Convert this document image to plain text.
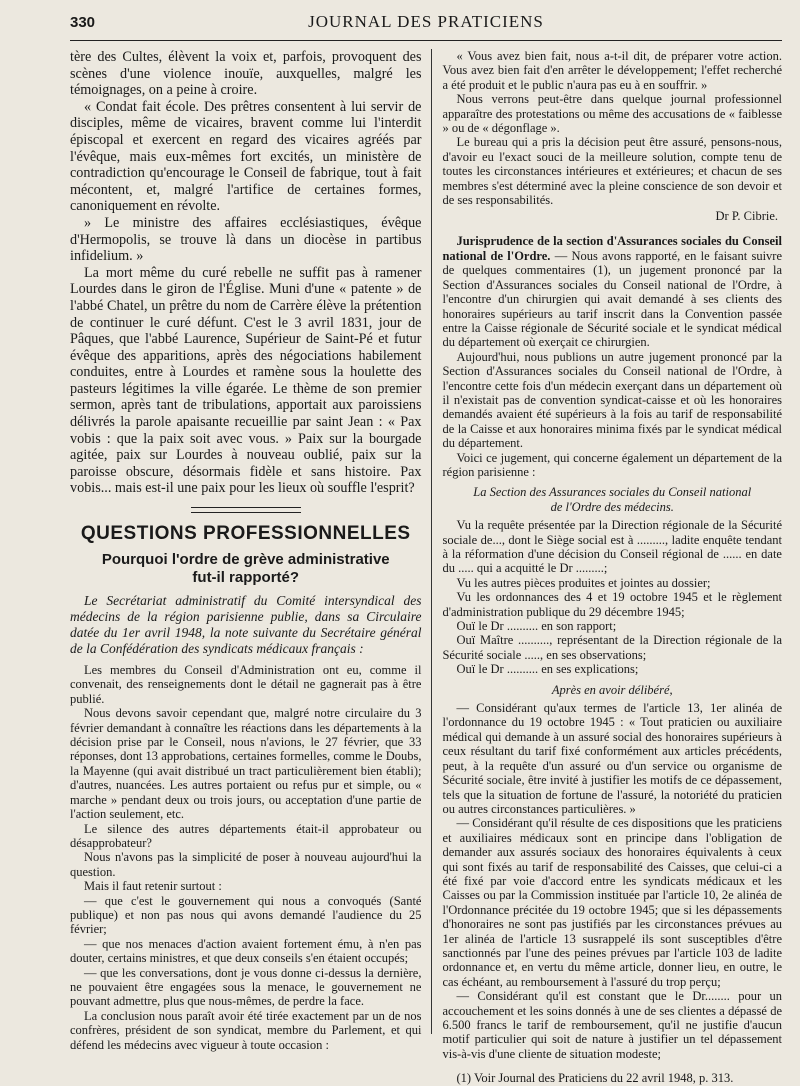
330	JOURNAL DES PRATICIENS

tère des Cultes, élèvent la voix et, parfois, provoquent des scènes d'une violence inouïe, auxquelles, malgré les témoignages, on a peine à croire.

« Condat fait école. Des prêtres consentent à lui servir de disciples, même de vicaires, bravent comme lui l'interdit épiscopal et exercent en regard des vicaires agréés par l'évêque, mais eux-mêmes fort excités, un ministère de contradiction qu'encourage le Conseil de fabrique, tout à fait mécontent, et, malgré l'artifice de certaines formes, canoniquement en révolte.

» Le ministre des affaires ecclésiastiques, évêque d'Hermopolis, se trouve là dans un diocèse in partibus infidelium. »

La mort même du curé rebelle ne suffit pas à ramener Lourdes dans le giron de l'Église. Muni d'une « patente » de l'abbé Chatel, un prêtre du nom de Carrère élève la prétention de continuer le curé défunt. C'est le 3 avril 1831, jour de Pâques, que l'abbé Laurence, Supérieur de Saint-Pé et futur évêque des apparitions, après des négociations habilement conduites, entre à Lourdes et ramène sous la houlette des pasteurs légitimes la ville égarée. Le thème de son premier sermon, après tant de tribulations, apportait aux paroissiens délivrés la parole apaisante recueillie par saint Jean : « Pax vobis : que la paix soit avec vous. » Paix sur la bourgade agitée, paix sur Lourdes à nouveau oublié, paix sur la paroisse obscure, désormais fidèle et sans histoire. Pax vobis... mais est-il une paix pour les lieux où souffle l'esprit?

QUESTIONS PROFESSIONNELLES
Pourquoi l'ordre de grève administrative
fut-il rapporté?

Le Secrétariat administratif du Comité intersyndical des médecins de la région parisienne publie, dans sa Circulaire datée du 1er avril 1948, la note suivante du Secrétaire général de la Confédération des syndicats médicaux français :

Les membres du Conseil d'Administration ont eu, comme il convenait, des renseignements dont le détail ne gagnerait pas à être publié.

Nous devons savoir cependant que, malgré notre circulaire du 3 février demandant à connaître les réactions dans les départements à la décision prise par le Conseil, nous n'avions, le 27 février, que 33 réponses, dont 13 approbations, certaines formelles, comme le Doubs, la Mayenne (qui avait distribué un tract particulièrement bien établi); d'autres, nuancées. Les autres portaient ou refus pur et simple, ou « marche » pendant deux ou trois jours, ou acceptation d'une partie de l'action seulement, etc.

Le silence des autres départements était-il approbateur ou désapprobateur?

Nous n'avons pas la simplicité de poser à nouveau aujourd'hui la question.

Mais il faut retenir surtout :

— que c'est le gouvernement qui nous a convoqués (Santé publique) et non pas nous qui avons demandé l'audience du 25 février;

— que nos menaces d'action avaient fortement ému, à n'en pas douter, certains ministres, et que deux conseils s'en étaient occupés;

— que les conversations, dont je vous donne ci-dessus la dernière, ne pouvaient être engagées sous la menace, le gouvernement ne pouvant admettre, plus que nous-mêmes, de perdre la face.

La conclusion nous paraît avoir été tirée exactement par un de nos confrères, président de son syndicat, membre du Parlement, et qui défend les médecins avec vigueur à toute occasion :

« Vous avez bien fait, nous a-t-il dit, de préparer votre action. Vous avez bien fait d'en arrêter le développement; l'effet recherché a été produit et le public n'aura pas eu à en souffrir. »

Nous verrons peut-être dans quelque journal professionnel apparaître des protestations ou même des accusations de « faiblesse » ou de « dégonflage ».

Le bureau qui a pris la décision peut être assuré, pensons-nous, d'avoir eu l'exact souci de la meilleure solution, compte tenu de toutes les circonstances intérieures et extérieures; et chacun de ses membres s'est déterminé avec la pleine conscience de son devoir et de ses responsabilités.

Dr P. Cibrie.

Jurisprudence de la section d'Assurances sociales du Conseil national de l'Ordre. — Nous avons rapporté, en le faisant suivre de quelques commentaires (1), un jugement prononcé par la Section d'Assurances sociales du Conseil national de l'Ordre, à l'encontre d'un chirurgien qui avait demandé à ses clients des honoraires supérieurs au tarif inscrit dans la Convention passée entre la Caisse régionale de Sécurité sociale et le syndicat médical du département où exerçait ce chirurgien.

Aujourd'hui, nous publions un autre jugement prononcé par la Section d'Assurances sociales du Conseil national de l'Ordre, à l'encontre cette fois d'un médecin exerçant dans un département où il n'existait pas de convention syndicat-caisse et où les honoraires demandés avaient été supérieurs à la fois au tarif de responsabilité de la Caisse et aux honoraires minima fixés par le syndicat médical du département.

Voici ce jugement, qui concerne également un département de la région parisienne :

La Section des Assurances sociales du Conseil national
de l'Ordre des médecins.

Vu la requête présentée par la Direction régionale de la Sécurité sociale de..., dont le Siège social est à ........., ladite enquête tendant à la réformation d'une décision du Conseil régional de ...... en date du ..... qui a acquitté le Dr .........;

Vu les autres pièces produites et jointes au dossier;

Vu les ordonnances des 4 et 19 octobre 1945 et le règlement d'administration publique du 29 décembre 1945;

Ouï le Dr .......... en son rapport;

Ouï Maître .........., représentant de la Direction régionale de la Sécurité sociale ....., en ses observations;

Ouï le Dr .......... en ses explications;

Après en avoir délibéré,

— Considérant qu'aux termes de l'article 13, 1er alinéa de l'ordonnance du 19 octobre 1945 : « Tout praticien ou auxiliaire médical qui demande à un assuré social des honoraires supérieurs à ceux résultant du tarif fixé conformément aux articles précédents, peut, à la requête d'un assuré ou d'un service ou organisme de Sécurité sociale, être invité à justifier les motifs de ce dépassement, tels que la situation de fortune de l'assuré, la notoriété du praticien ou autres circonstances particulières. »

— Considérant qu'il résulte de ces dispositions que les praticiens et auxiliaires médicaux sont en principe dans l'obligation de demander aux assurés sociaux des honoraires équivalents à ceux qui sont fixés au tarif de responsabilité des Caisses, que celui-ci a été fixé par voie d'accord entre les syndicats médicaux et les Caisses ou par la Commission instituée par l'article 10, 2e alinéa de l'Ordonnance précitée du 19 octobre 1945; que si les dépassements d'honoraires ne sont pas justifiés par les circonstances prévues au 1er alinéa de l'article 13 susrappelé ils sont susceptibles d'être sanctionnés par l'une des peines prévues par l'article 103 de ladite ordonnance et, en vertu du même article, donner lieu, en outre, le cas échéant, au remboursement à l'assuré du trop perçu;

— Considérant qu'il est constant que le Dr........ pour un accouchement et les soins donnés à une de ses clientes a dépassé de 6.500 francs le tarif de remboursement, qu'il ne justifie d'aucun motif particulier qui soit de nature à justifier un tel dépassement vis-à-vis d'une cliente de situation modeste;

(1) Voir Journal des Praticiens du 22 avril 1948, p. 313.
